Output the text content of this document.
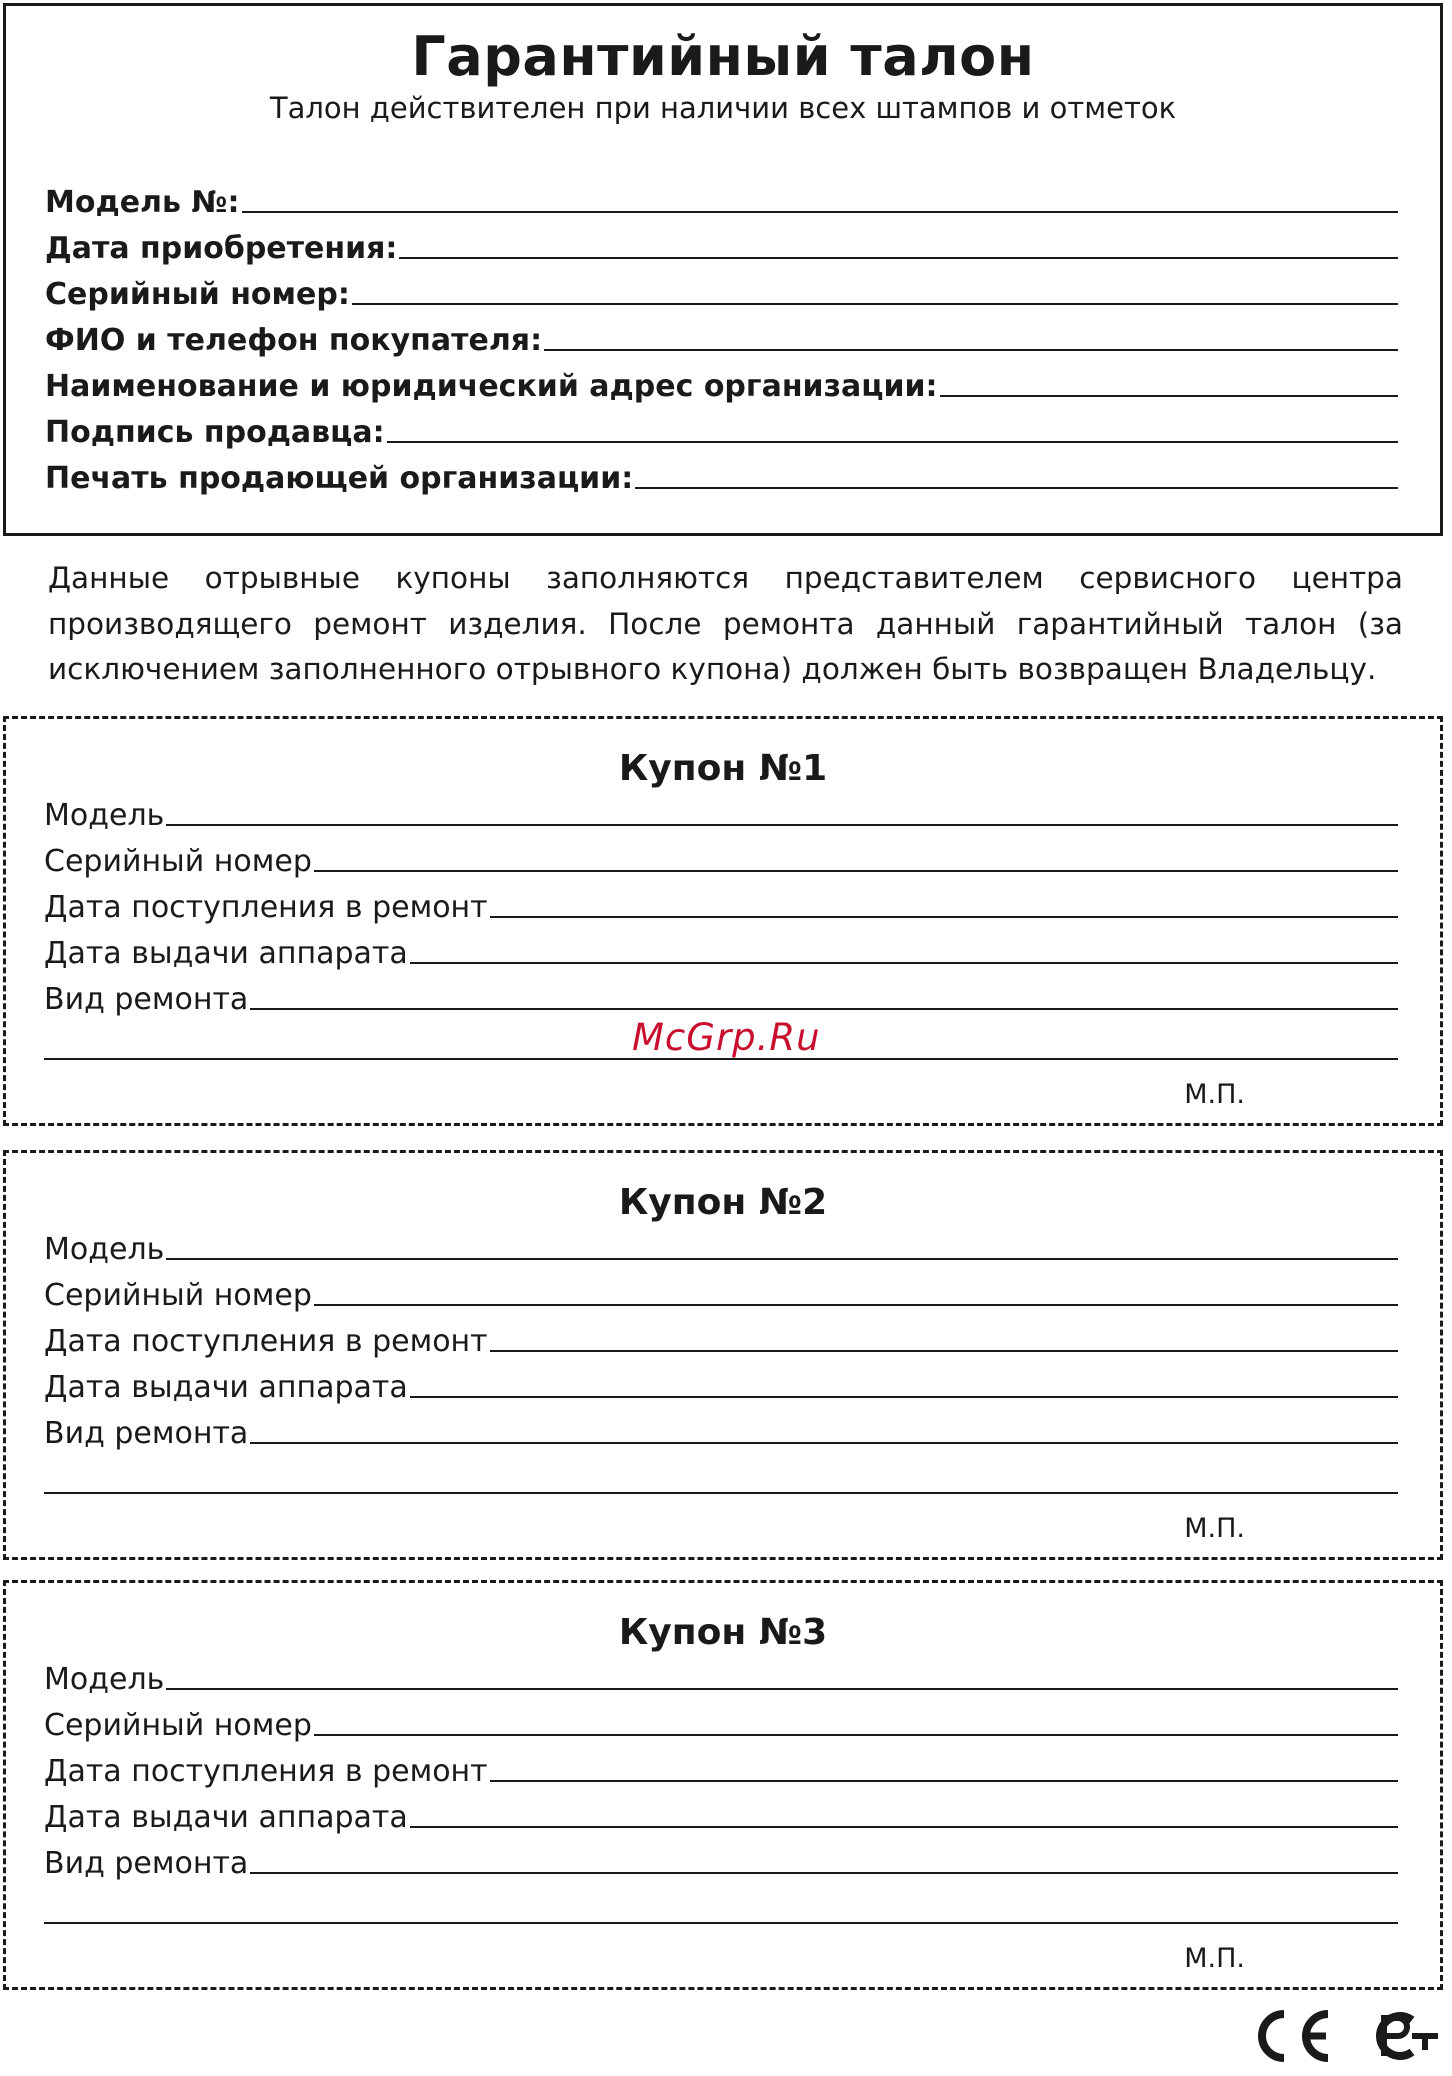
Гарантийный талон
Талон действителен при наличии всех штампов и отметок
Модель №:
Дата приобретения:
Серийный номер:
ФИО и телефон покупателя:
Наименование и юридический адрес организации:
Подпись продавца:
Печать продающей организации:
Данные отрывные купоны заполняются представителем сервисного центра производящего ремонт изделия. После ремонта данный гарантийный талон (за исключением заполненного отрывного купона) должен быть возвращен Владельцу.
Купон №1
Модель
Серийный номер
Дата поступления в ремонт
Дата выдачи аппарата
Вид ремонта
М.П.
Купон №2
Модель
Серийный номер
Дата поступления в ремонт
Дата выдачи аппарата
Вид ремонта
М.П.
Купон №3
Модель
Серийный номер
Дата поступления в ремонт
Дата выдачи аппарата
Вид ремонта
М.П.
McGrp.Ru
